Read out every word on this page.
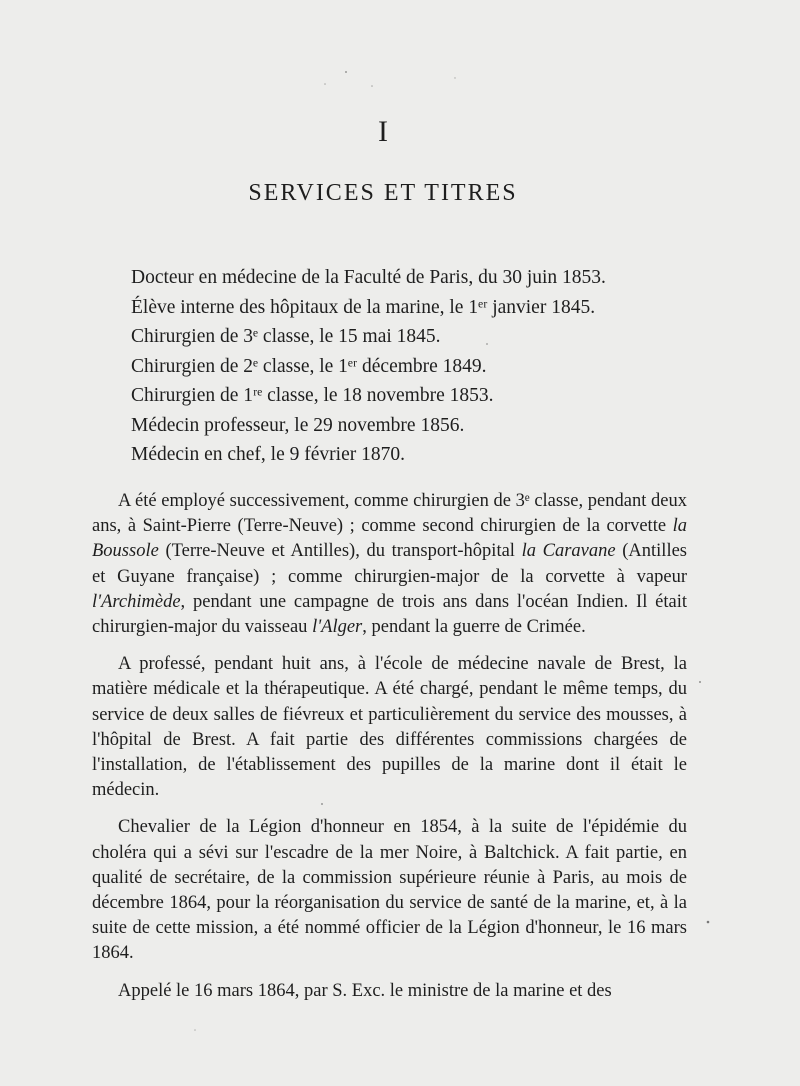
I
SERVICES ET TITRES
Docteur en médecine de la Faculté de Paris, du 30 juin 1853.
Élève interne des hôpitaux de la marine, le 1ᵉʳ janvier 1845.
Chirurgien de 3ᵉ classe, le 15 mai 1845.
Chirurgien de 2ᵉ classe, le 1ᵉʳ décembre 1849.
Chirurgien de 1ʳᵉ classe, le 18 novembre 1853.
Médecin professeur, le 29 novembre 1856.
Médecin en chef, le 9 février 1870.

A été employé successivement, comme chirurgien de 3ᵉ classe, pendant deux ans, à Saint-Pierre (Terre-Neuve) ; comme second chirurgien de la corvette la Boussole (Terre-Neuve et Antilles), du transport-hôpital la Caravane (Antilles et Guyane française) ; comme chirurgien-major de la corvette à vapeur l'Archimède, pendant une campagne de trois ans dans l'océan Indien. Il était chirurgien-major du vaisseau l'Alger, pendant la guerre de Crimée.

A professé, pendant huit ans, à l'école de médecine navale de Brest, la matière médicale et la thérapeutique. A été chargé, pendant le même temps, du service de deux salles de fiévreux et particulièrement du service des mousses, à l'hôpital de Brest. A fait partie des différentes commissions chargées de l'installation, de l'établissement des pupilles de la marine dont il était le médecin.

Chevalier de la Légion d'honneur en 1854, à la suite de l'épidémie du choléra qui a sévi sur l'escadre de la mer Noire, à Baltchick. A fait partie, en qualité de secrétaire, de la commission supérieure réunie à Paris, au mois de décembre 1864, pour la réorganisation du service de santé de la marine, et, à la suite de cette mission, a été nommé officier de la Légion d'honneur, le 16 mars 1864.

Appelé le 16 mars 1864, par S. Exc. le ministre de la marine et des
